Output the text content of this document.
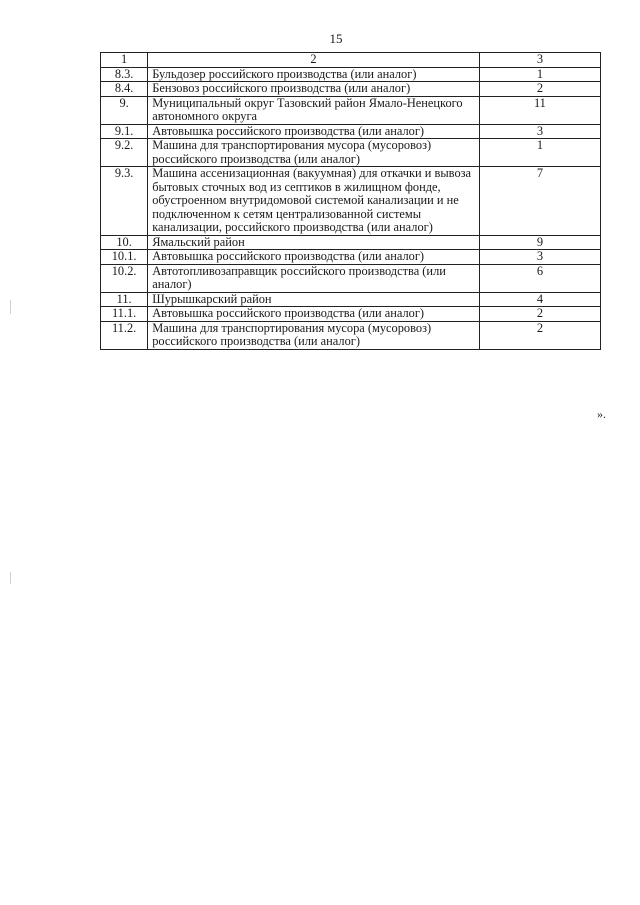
15
1	2	3
8.3.	Бульдозер российского производства (или аналог)	1
8.4.	Бензовоз российского производства (или аналог)	2
9.	Муниципальный округ Тазовский район Ямало-Ненецкого автономного округа	11
9.1.	Автовышка российского производства (или аналог)	3
9.2.	Машина для транспортирования мусора (мусоровоз) российского производства (или аналог)	1
9.3.	Машина ассенизационная (вакуумная) для откачки и вывоза бытовых сточных вод из септиков в жилищном фонде, обустроенном внутридомовой системой канализации и не подключенном к сетям централизованной системы канализации, российского производства (или аналог)	7
10.	Ямальский район	9
10.1.	Автовышка российского производства (или аналог)	3
10.2.	Автотопливозаправщик российского производства (или аналог)	6
11.	Шурышкарский район	4
11.1.	Автовышка российского производства (или аналог)	2
11.2.	Машина для транспортирования мусора (мусоровоз) российского производства (или аналог)	2
».
